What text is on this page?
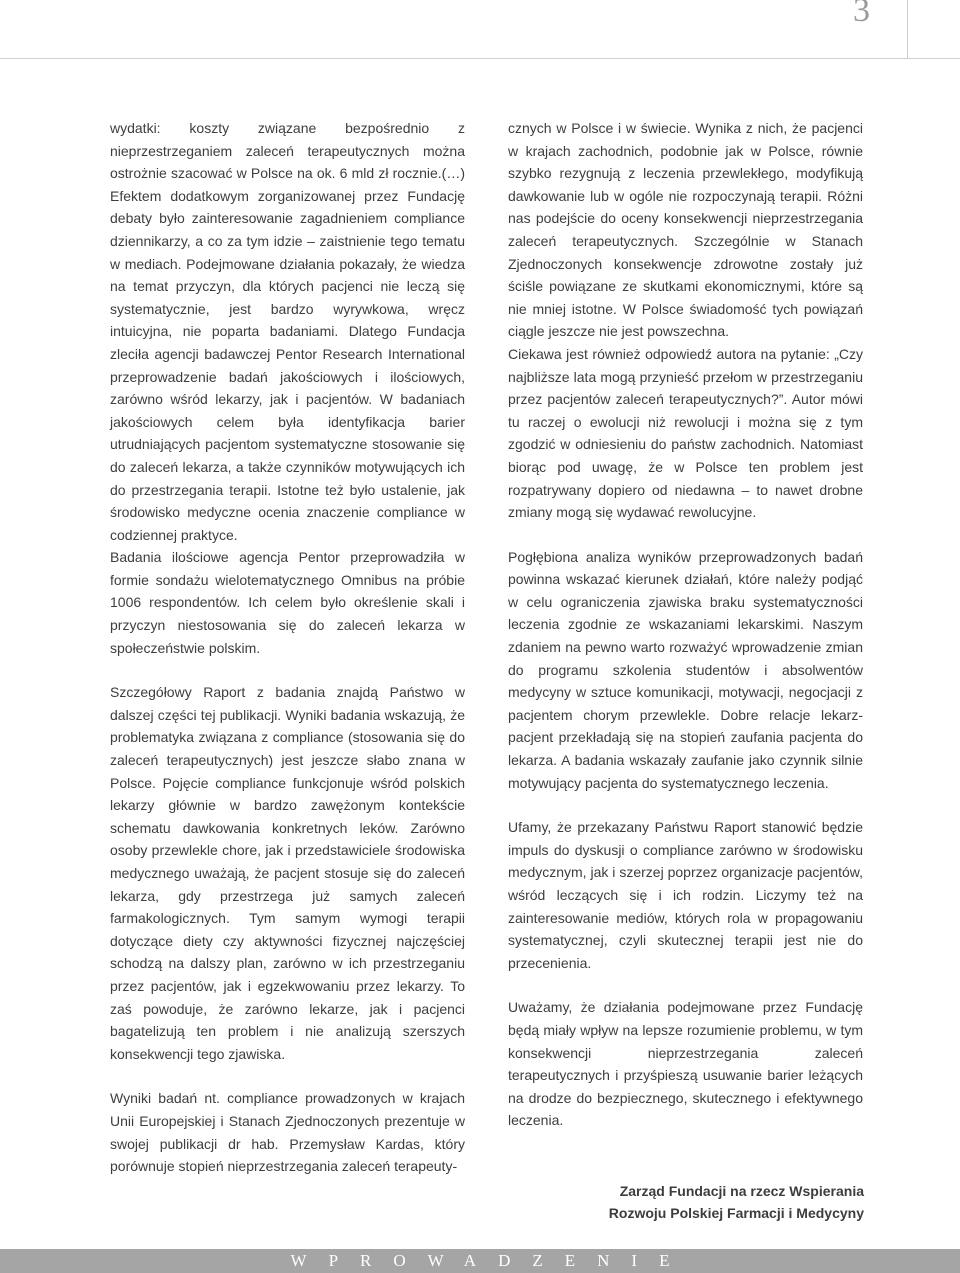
3

wydatki: koszty związane bezpośrednio z nieprzestrzeganiem zaleceń terapeutycznych można ostrożnie szacować w Polsce na ok. 6 mld zł rocznie.(…) Efektem dodatkowym zorganizowanej przez Fundację debaty było zainteresowanie zagadnieniem compliance dziennikarzy, a co za tym idzie – zaistnienie tego tematu w mediach. Podejmowane działania pokazały, że wiedza na temat przyczyn, dla których pacjenci nie leczą się systematycznie, jest bardzo wyrywkowa, wręcz intuicyjna, nie poparta badaniami. Dlatego Fundacja zleciła agencji badawczej Pentor Research International przeprowadzenie badań jakościowych i ilościowych, zarówno wśród lekarzy, jak i pacjentów. W badaniach jakościowych celem była identyfikacja barier utrudniających pacjentom systematyczne stosowanie się do zaleceń lekarza, a także czynników motywujących ich do przestrzegania terapii. Istotne też było ustalenie, jak środowisko medyczne ocenia znaczenie compliance w codziennej praktyce.

Badania ilościowe agencja Pentor przeprowadziła w formie sondażu wielotematycznego Omnibus na próbie 1006 respondentów. Ich celem było określenie skali i przyczyn niestosowania się do zaleceń lekarza w społeczeństwie polskim.

Szczegółowy Raport z badania znajdą Państwo w dalszej części tej publikacji. Wyniki badania wskazują, że problematyka związana z compliance (stosowania się do zaleceń terapeutycznych) jest jeszcze słabo znana w Polsce. Pojęcie compliance funkcjonuje wśród polskich lekarzy głównie w bardzo zawężonym kontekście schematu dawkowania konkretnych leków. Zarówno osoby przewlekle chore, jak i przedstawiciele środowiska medycznego uważają, że pacjent stosuje się do zaleceń lekarza, gdy przestrzega już samych zaleceń farmakologicznych. Tym samym wymogi terapii dotyczące diety czy aktywności fizycznej najczęściej schodzą na dalszy plan, zarówno w ich przestrzeganiu przez pacjentów, jak i egzekwowaniu przez lekarzy. To zaś powoduje, że zarówno lekarze, jak i pacjenci bagatelizują ten problem i nie analizują szerszych konsekwencji tego zjawiska.

Wyniki badań nt. compliance prowadzonych w krajach Unii Europejskiej i Stanach Zjednoczonych prezentuje w swojej publikacji dr hab. Przemysław Kardas, który porównuje stopień nieprzestrzegania zaleceń terapeuty-

cznych w Polsce i w świecie. Wynika z nich, że pacjenci w krajach zachodnich, podobnie jak w Polsce, równie szybko rezygnują z leczenia przewlekłego, modyfikują dawkowanie lub w ogóle nie rozpoczynają terapii. Różni nas podejście do oceny konsekwencji nieprzestrzegania zaleceń terapeutycznych. Szczególnie w Stanach Zjednoczonych konsekwencje zdrowotne zostały już ściśle powiązane ze skutkami ekonomicznymi, które są nie mniej istotne. W Polsce świadomość tych powiązań ciągle jeszcze nie jest powszechna.

Ciekawa jest również odpowiedź autora na pytanie: „Czy najbliższe lata mogą przynieść przełom w przestrzeganiu przez pacjentów zaleceń terapeutycznych?”. Autor mówi tu raczej o ewolucji niż rewolucji i można się z tym zgodzić w odniesieniu do państw zachodnich. Natomiast biorąc pod uwagę, że w Polsce ten problem jest rozpatrywany dopiero od niedawna – to nawet drobne zmiany mogą się wydawać rewolucyjne.

Pogłębiona analiza wyników przeprowadzonych badań powinna wskazać kierunek działań, które należy podjąć w celu ograniczenia zjawiska braku systematyczności leczenia zgodnie ze wskazaniami lekarskimi. Naszym zdaniem na pewno warto rozważyć wprowadzenie zmian do programu szkolenia studentów i absolwentów medycyny w sztuce komunikacji, motywacji, negocjacji z pacjentem chorym przewlekle. Dobre relacje lekarz-pacjent przekładają się na stopień zaufania pacjenta do lekarza. A badania wskazały zaufanie jako czynnik silnie motywujący pacjenta do systematycznego leczenia.

Ufamy, że przekazany Państwu Raport stanowić będzie impuls do dyskusji o compliance zarówno w środowisku medycznym, jak i szerzej poprzez organizacje pacjentów, wśród leczących się i ich rodzin. Liczymy też na zainteresowanie mediów, których rola w propagowaniu systematycznej, czyli skutecznej terapii jest nie do przecenienia.

Uważamy, że działania podejmowane przez Fundację będą miały wpływ na lepsze rozumienie problemu, w tym konsekwencji nieprzestrzegania zaleceń terapeutycznych i przyśpieszą usuwanie barier leżących na drodze do bezpiecznego, skutecznego i efektywnego leczenia.

Zarząd Fundacji na rzecz Wspierania
Rozwoju Polskiej Farmacji i Medycyny
WPROWADZENIE
